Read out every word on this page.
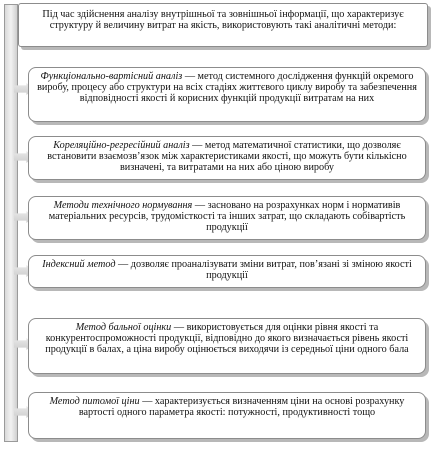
Під час здійснення аналізу внутрішньої та зовнішньої інформації, що характеризує структуру й величину витрат на якість, використовують такі аналітичні методи:
Функціонально-вартісний аналіз — метод системного дослідження функцій окремого виробу, процесу або структури на всіх стадіях життєвого циклу виробу та забезпечення відповідності якості й корисних функцій продукції витратам на них
Кореляційно-регресійний аналіз — метод математичної статистики, що дозволяє встановити взаємозв’язок між характеристиками якості, що можуть бути кількісно визначені, та витратами на них або ціною виробу
Методи технічного нормування — засновано на розрахунках норм і нормативів матеріальних ресурсів, трудомісткості та інших затрат, що складають собівартість продукції
Індексний метод — дозволяє проаналізувати зміни витрат, пов’язані зі зміною якості продукції
Метод бальної оцінки — використовується для оцінки рівня якості та конкурентоспроможності продукції, відповідно до якого визначається рівень якості продукції в балах, а ціна виробу оцінюється виходячи із середньої ціни одного бала
Метод питомої ціни — характеризується визначенням ціни на основі розрахунку вартості одного параметра якості: потужності, продуктивності тощо
